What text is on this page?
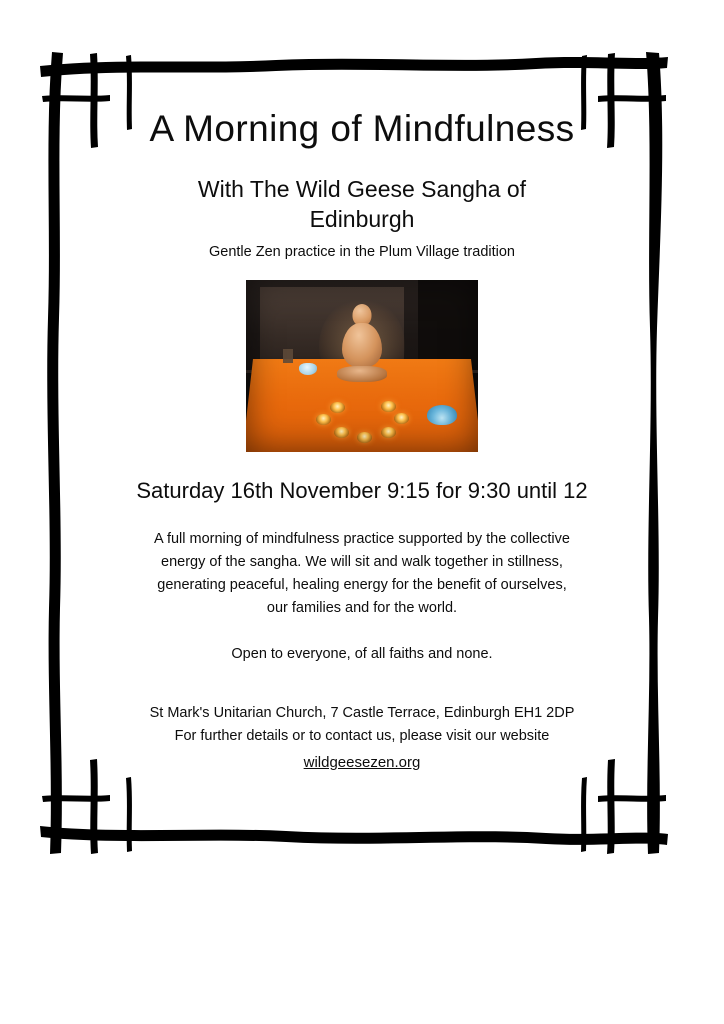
A Morning of Mindfulness
With The Wild Geese Sangha of Edinburgh
Gentle Zen practice in the Plum Village tradition
Saturday 16th November 9:15 for 9:30 until 12

A full morning of mindfulness practice supported by the collective energy of the sangha. We will sit and walk together in stillness, generating peaceful, healing energy for the benefit of ourselves, our families and for the world.

Open to everyone, of all faiths and none.

St Mark's Unitarian Church, 7 Castle Terrace, Edinburgh EH1 2DP
For further details or to contact us, please visit our website
wildgeesezen.org
